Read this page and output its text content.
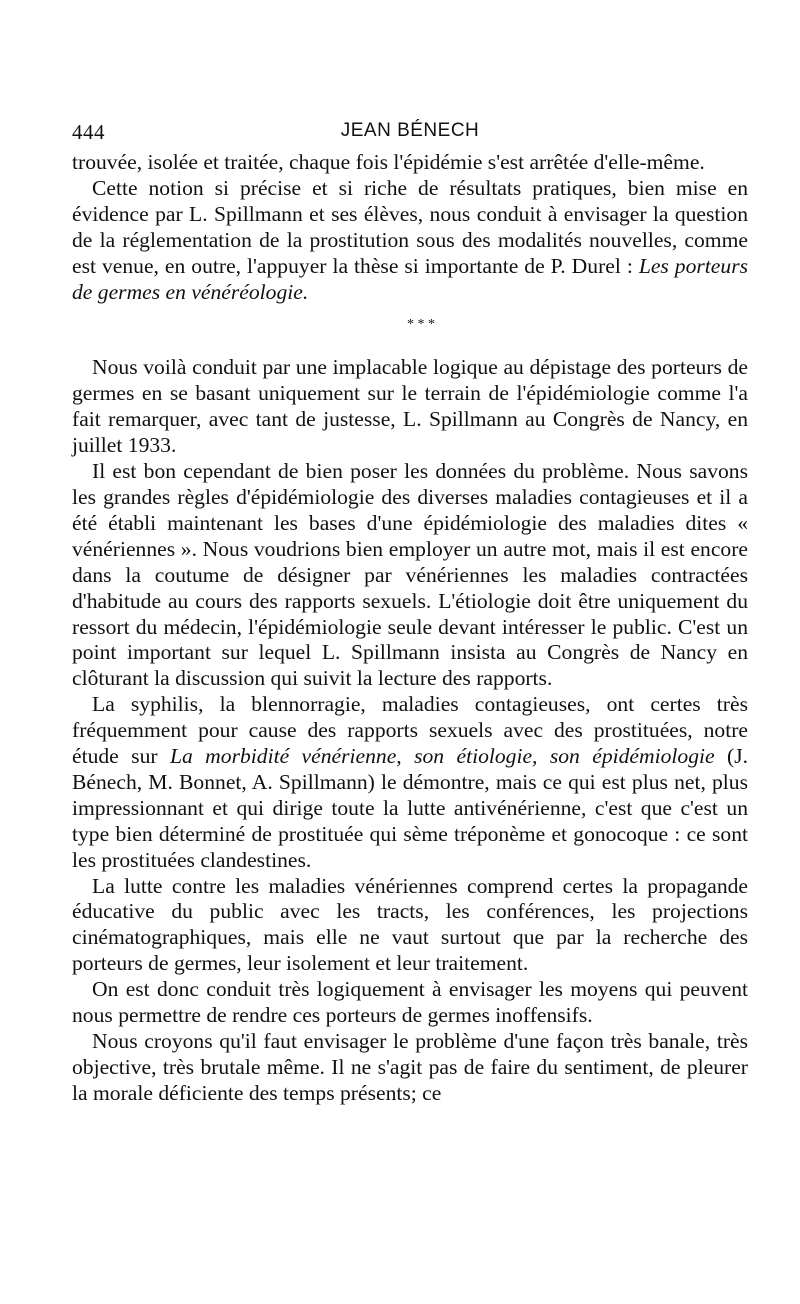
444	JEAN BÉNECH

trouvée, isolée et traitée, chaque fois l'épidémie s'est arrêtée d'elle-même.

Cette notion si précise et si riche de résultats pratiques, bien mise en évidence par L. Spillmann et ses élèves, nous conduit à envisager la question de la réglementation de la prostitution sous des modalités nouvelles, comme est venue, en outre, l'appuyer la thèse si importante de P. Durel : Les porteurs de germes en vénéréologie.

* * *

Nous voilà conduit par une implacable logique au dépistage des porteurs de germes en se basant uniquement sur le terrain de l'épidémiologie comme l'a fait remarquer, avec tant de justesse, L. Spillmann au Congrès de Nancy, en juillet 1933.

Il est bon cependant de bien poser les données du problème. Nous savons les grandes règles d'épidémiologie des diverses maladies contagieuses et il a été établi maintenant les bases d'une épidémiologie des maladies dites « vénériennes ». Nous voudrions bien employer un autre mot, mais il est encore dans la coutume de désigner par vénériennes les maladies contractées d'habitude au cours des rapports sexuels. L'étiologie doit être uniquement du ressort du médecin, l'épidémiologie seule devant intéresser le public. C'est un point important sur lequel L. Spillmann insista au Congrès de Nancy en clôturant la discussion qui suivit la lecture des rapports.

La syphilis, la blennorragie, maladies contagieuses, ont certes très fréquemment pour cause des rapports sexuels avec des prostituées, notre étude sur La morbidité vénérienne, son étiologie, son épidémiologie (J. Bénech, M. Bonnet, A. Spillmann) le démontre, mais ce qui est plus net, plus impressionnant et qui dirige toute la lutte antivénérienne, c'est que c'est un type bien déterminé de prostituée qui sème tréponème et gonocoque : ce sont les prostituées clandestines.

La lutte contre les maladies vénériennes comprend certes la propagande éducative du public avec les tracts, les conférences, les projections cinématographiques, mais elle ne vaut surtout que par la recherche des porteurs de germes, leur isolement et leur traitement.

On est donc conduit très logiquement à envisager les moyens qui peuvent nous permettre de rendre ces porteurs de germes inoffensifs.

Nous croyons qu'il faut envisager le problème d'une façon très banale, très objective, très brutale même. Il ne s'agit pas de faire du sentiment, de pleurer la morale déficiente des temps présents; ce
